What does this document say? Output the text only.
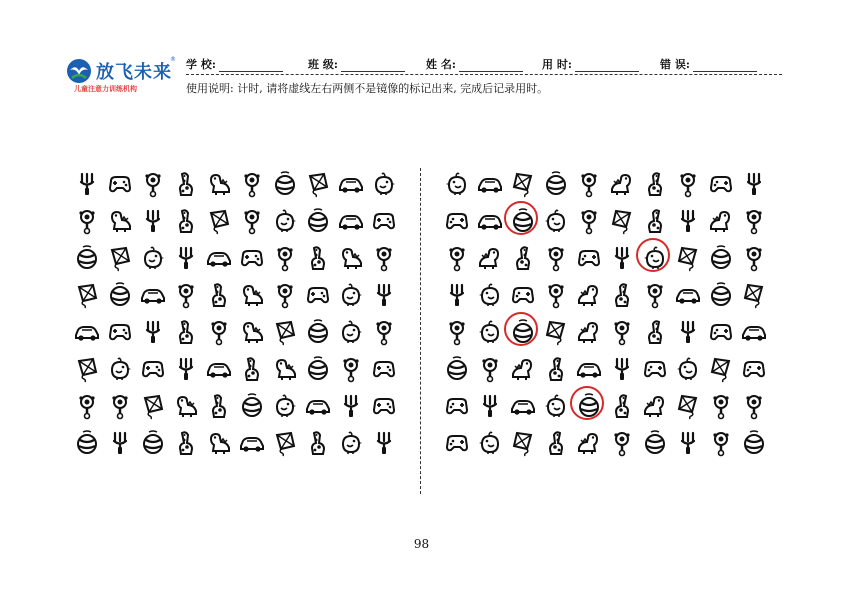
放飞未来
®
儿童注意力训练机构
学 校:	班 级:	姓 名:	用 时:	错 误:
使用说明: 计时, 请将虚线左右两侧不是镜像的标记出来, 完成后记录用时。
98
